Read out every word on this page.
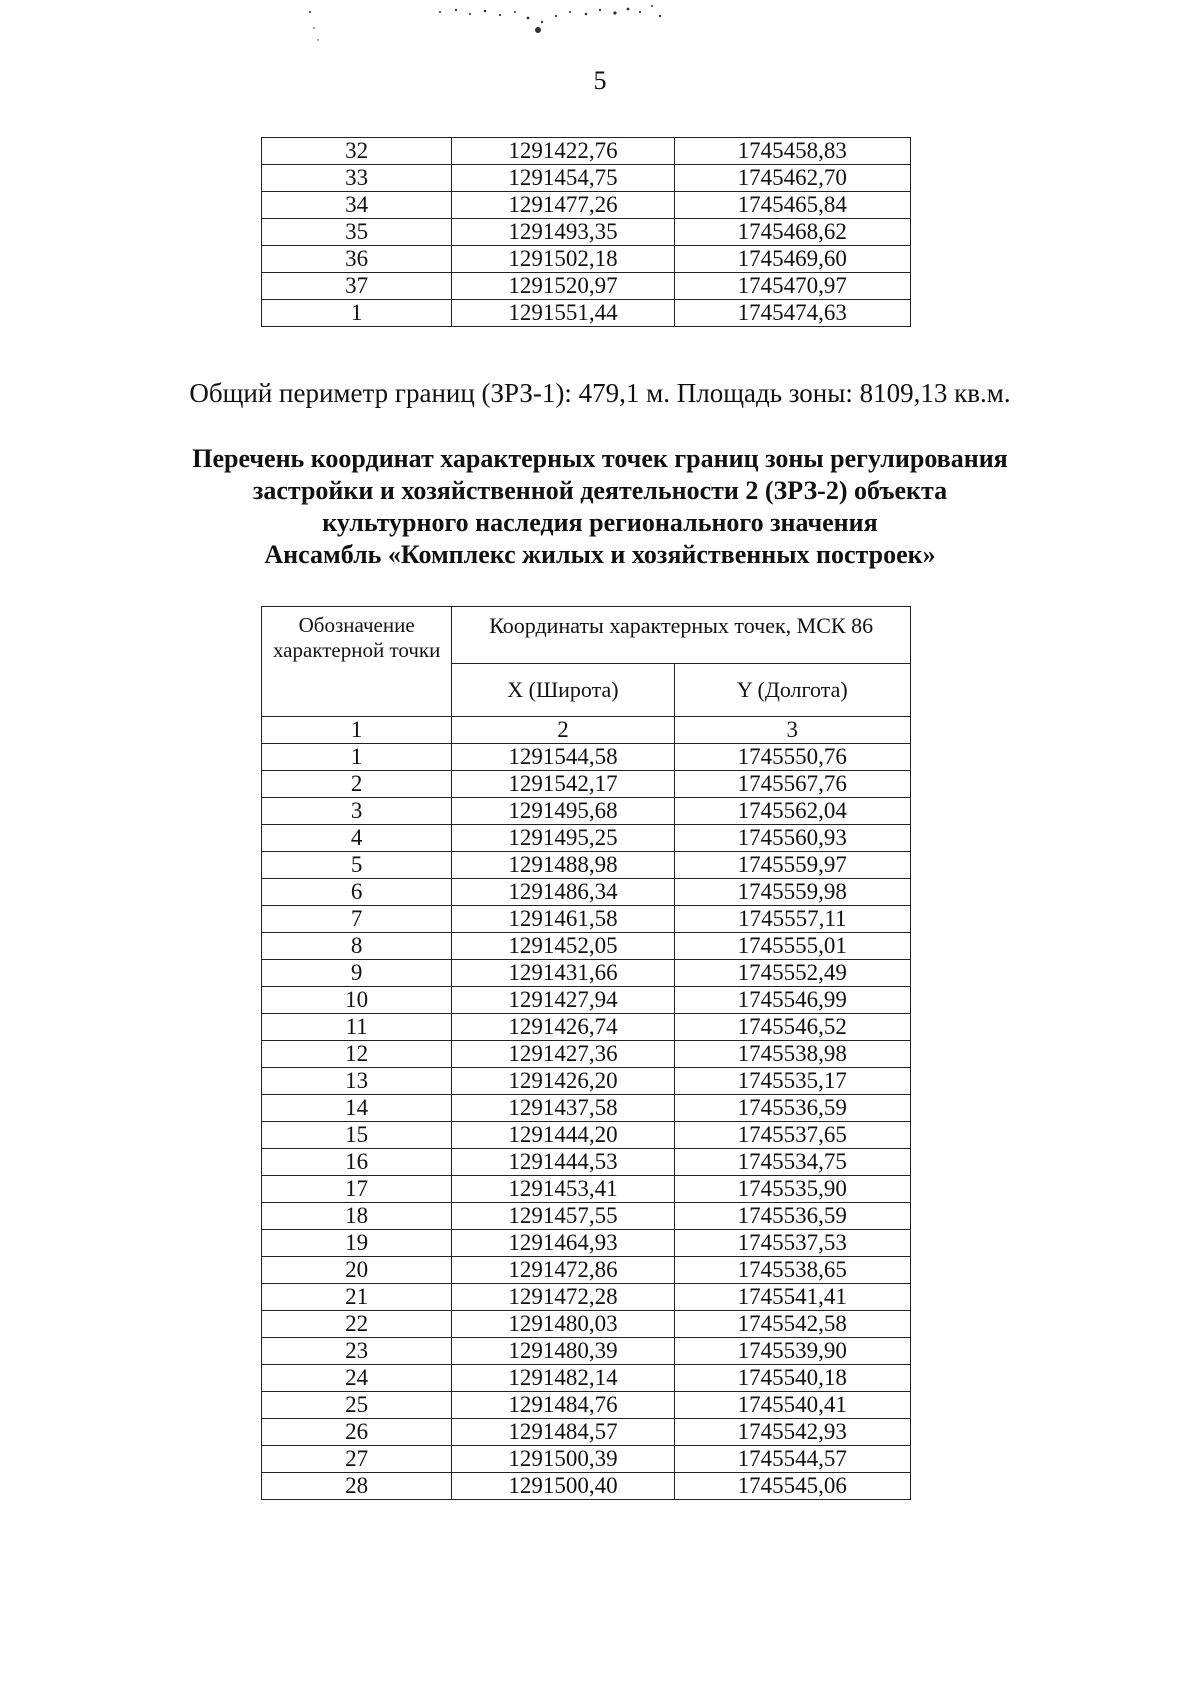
5
32	1291422,76	1745458,83
33	1291454,75	1745462,70
34	1291477,26	1745465,84
35	1291493,35	1745468,62
36	1291502,18	1745469,60
37	1291520,97	1745470,97
1	1291551,44	1745474,63
Общий периметр границ (ЗРЗ-1): 479,1 м. Площадь зоны: 8109,13 кв.м.
Перечень координат характерных точек границ зоны регулирования
застройки и хозяйственной деятельности 2 (ЗРЗ-2) объекта
культурного наследия регионального значения
Ансамбль «Комплекс жилых и хозяйственных построек»
Обозначение характерной точки	Координаты характерных точек, МСК 86	
	X (Широта)	Y (Долгота)
1	2	3
1	1291544,58	1745550,76
2	1291542,17	1745567,76
3	1291495,68	1745562,04
4	1291495,25	1745560,93
5	1291488,98	1745559,97
6	1291486,34	1745559,98
7	1291461,58	1745557,11
8	1291452,05	1745555,01
9	1291431,66	1745552,49
10	1291427,94	1745546,99
11	1291426,74	1745546,52
12	1291427,36	1745538,98
13	1291426,20	1745535,17
14	1291437,58	1745536,59
15	1291444,20	1745537,65
16	1291444,53	1745534,75
17	1291453,41	1745535,90
18	1291457,55	1745536,59
19	1291464,93	1745537,53
20	1291472,86	1745538,65
21	1291472,28	1745541,41
22	1291480,03	1745542,58
23	1291480,39	1745539,90
24	1291482,14	1745540,18
25	1291484,76	1745540,41
26	1291484,57	1745542,93
27	1291500,39	1745544,57
28	1291500,40	1745545,06
